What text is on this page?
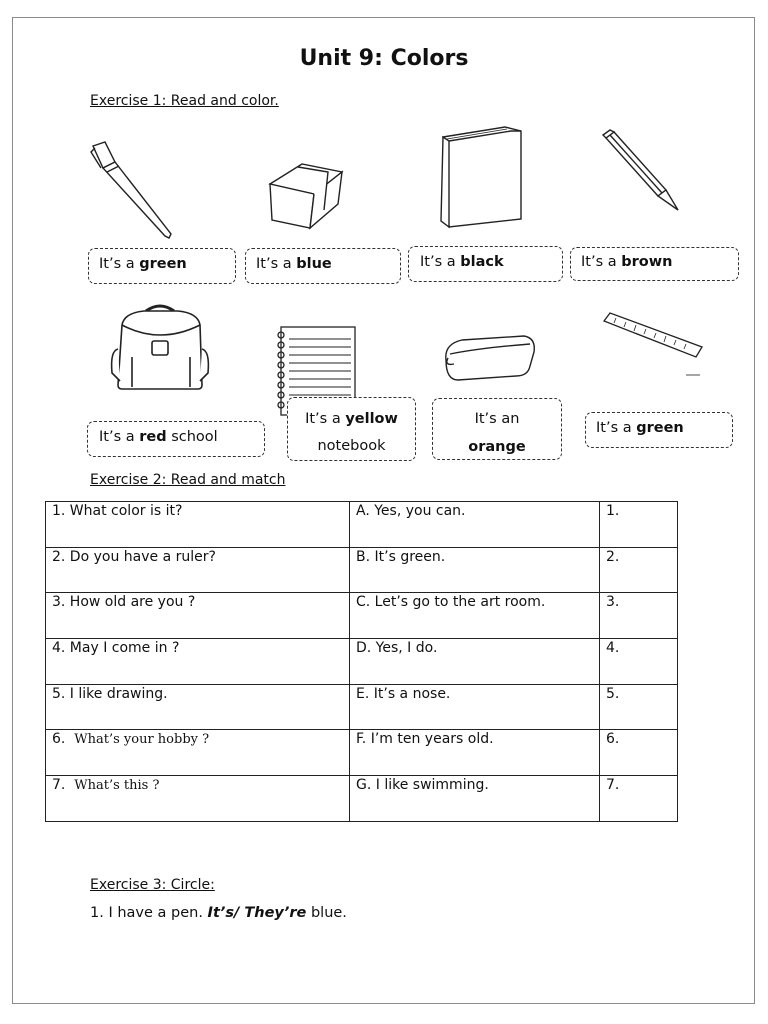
Unit 9: Colors
Exercise 1: Read and color.
It’s a green	It’s a blue	It’s a black	It’s a brown
It’s a red school
It’s a yellow
notebook
It’s an
orange
It’s a green
Exercise 2: Read and match
1. What color is it?	A. Yes, you can.	1.
2. Do you have a ruler?	B. It’s green.	2.
3. How old are you ?	C. Let’s go to the art room.	3.
4. May I come in ?	D. Yes, I do.	4.
5. I like drawing.	E. It’s a nose.	5.
6. What’s your hobby ?	F. I’m ten years old.	6.
7. What’s this ?	G. I like swimming.	7.
Exercise 3: Circle:
1. I have a pen. It’s/ They’re blue.
